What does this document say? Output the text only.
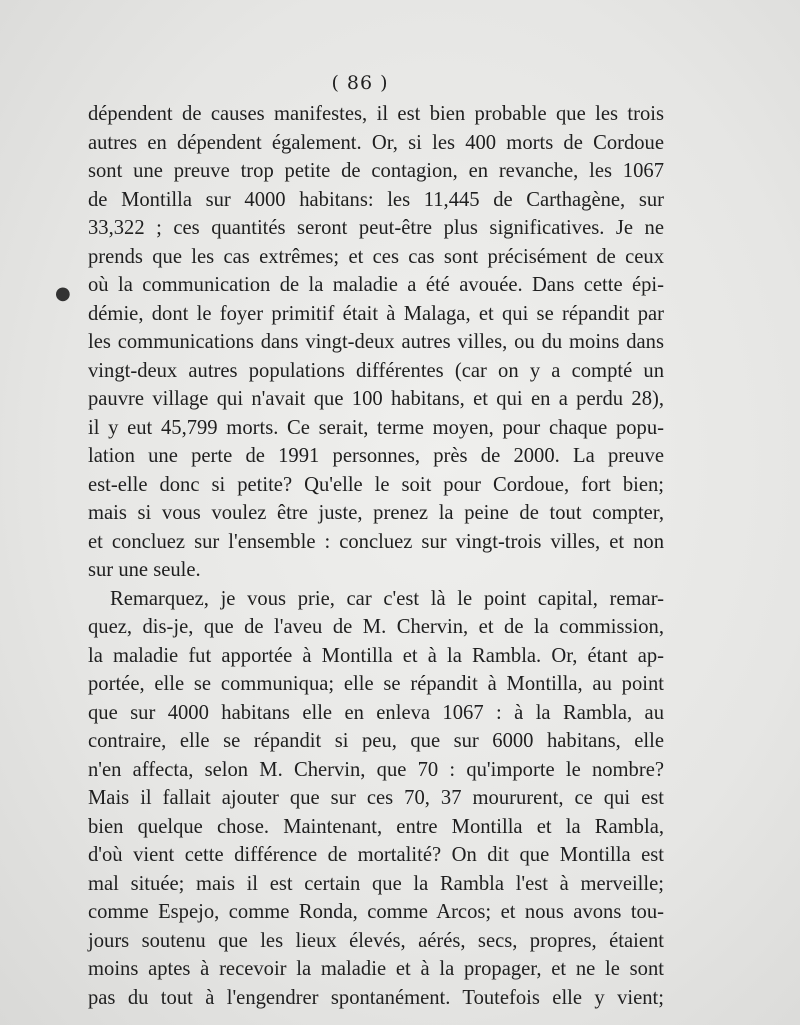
( 86 )
●
dépendent de causes manifestes, il est bien probable que les trois
autres en dépendent également. Or, si les 400 morts de Cordoue
sont une preuve trop petite de contagion, en revanche, les 1067
de Montilla sur 4000 habitans: les 11,445 de Carthagène, sur
33,322 ; ces quantités seront peut-être plus significatives. Je ne
prends que les cas extrêmes; et ces cas sont précisément de ceux
où la communication de la maladie a été avouée. Dans cette épi-
démie, dont le foyer primitif était à Malaga, et qui se répandit par
les communications dans vingt-deux autres villes, ou du moins dans
vingt-deux autres populations différentes (car on y a compté un
pauvre village qui n'avait que 100 habitans, et qui en a perdu 28),
il y eut 45,799 morts. Ce serait, terme moyen, pour chaque popu-
lation une perte de 1991 personnes, près de 2000. La preuve
est-elle donc si petite? Qu'elle le soit pour Cordoue, fort bien;
mais si vous voulez être juste, prenez la peine de tout compter,
et concluez sur l'ensemble : concluez sur vingt-trois villes, et non
sur une seule.
Remarquez, je vous prie, car c'est là le point capital, remar-
quez, dis-je, que de l'aveu de M. Chervin, et de la commission,
la maladie fut apportée à Montilla et à la Rambla. Or, étant ap-
portée, elle se communiqua; elle se répandit à Montilla, au point
que sur 4000 habitans elle en enleva 1067 : à la Rambla, au
contraire, elle se répandit si peu, que sur 6000 habitans, elle
n'en affecta, selon M. Chervin, que 70 : qu'importe le nombre?
Mais il fallait ajouter que sur ces 70, 37 moururent, ce qui est
bien quelque chose. Maintenant, entre Montilla et la Rambla,
d'où vient cette différence de mortalité? On dit que Montilla est
mal située; mais il est certain que la Rambla l'est à merveille;
comme Espejo, comme Ronda, comme Arcos; et nous avons tou-
jours soutenu que les lieux élevés, aérés, secs, propres, étaient
moins aptes à recevoir la maladie et à la propager, et ne le sont
pas du tout à l'engendrer spontanément. Toutefois elle y vient;
